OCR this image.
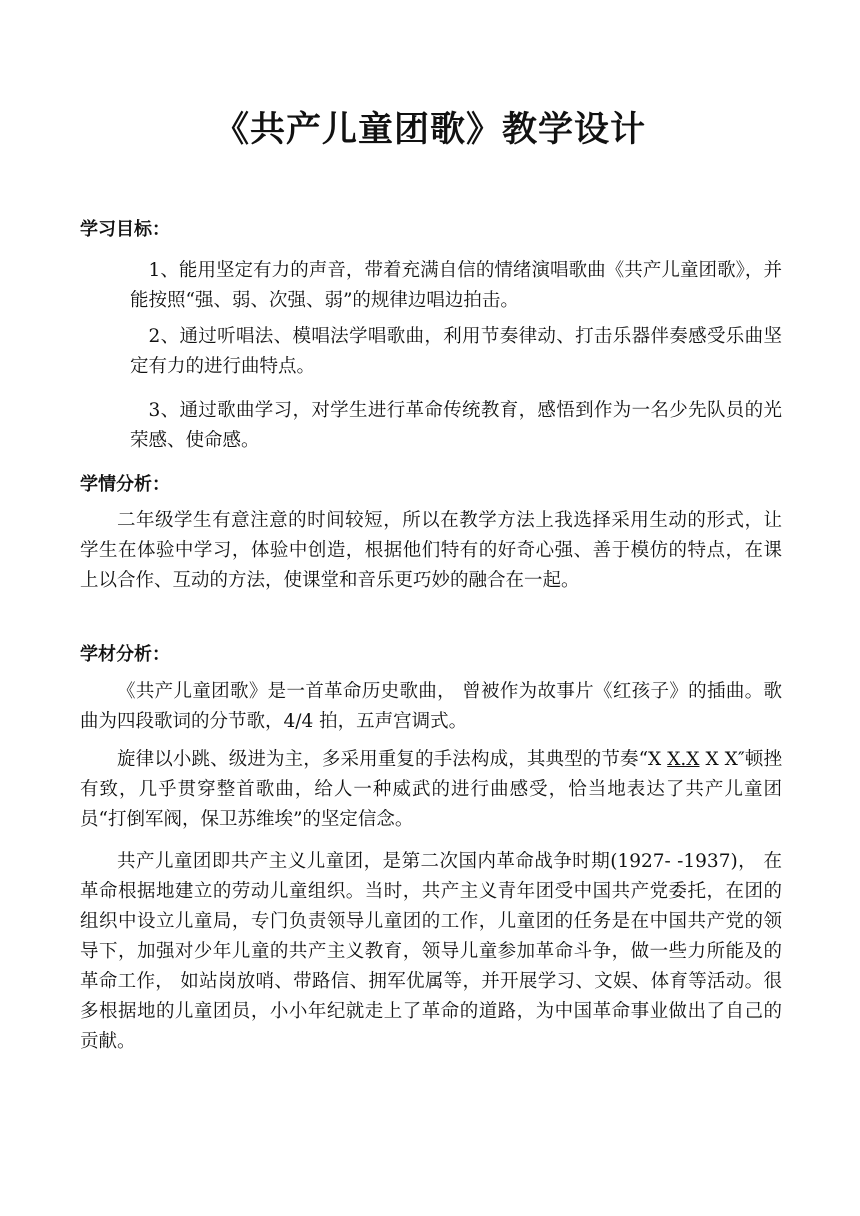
《共产儿童团歌》教学设计
学习目标：

1、能用坚定有力的声音，带着充满自信的情绪演唱歌曲《共产儿童团歌》，并能按照“强、弱、次强、弱”的规律边唱边拍击。

2、通过听唱法、模唱法学唱歌曲，利用节奏律动、打击乐器伴奏感受乐曲坚定有力的进行曲特点。

3、通过歌曲学习，对学生进行革命传统教育，感悟到作为一名少先队员的光荣感、使命感。

学情分析：

二年级学生有意注意的时间较短，所以在教学方法上我选择采用生动的形式，让学生在体验中学习，体验中创造，根据他们特有的好奇心强、善于模仿的特点，在课上以合作、互动的方法，使课堂和音乐更巧妙的融合在一起。

学材分析：

《共产儿童团歌》是一首革命历史歌曲， 曾被作为故事片《红孩子》的插曲。歌曲为四段歌词的分节歌，4/4 拍，五声宫调式。

旋律以小跳、级进为主，多采用重复的手法构成，其典型的节奏“X X.X X X″顿挫有致，几乎贯穿整首歌曲，给人一种威武的进行曲感受，恰当地表达了共产儿童团员“打倒军阀，保卫苏维埃”的坚定信念。

共产儿童团即共产主义儿童团，是第二次国内革命战争时期(1927- -1937)， 在革命根据地建立的劳动儿童组织。当时，共产主义青年团受中国共产党委托，在团的组织中设立儿童局，专门负责领导儿童团的工作，儿童团的任务是在中国共产党的领导下，加强对少年儿童的共产主义教育，领导儿童参加革命斗争，做一些力所能及的革命工作， 如站岗放哨、带路信、拥军优属等，并开展学习、文娱、体育等活动。很多根据地的儿童团员，小小年纪就走上了革命的道路，为中国革命事业做出了自己的贡献。
